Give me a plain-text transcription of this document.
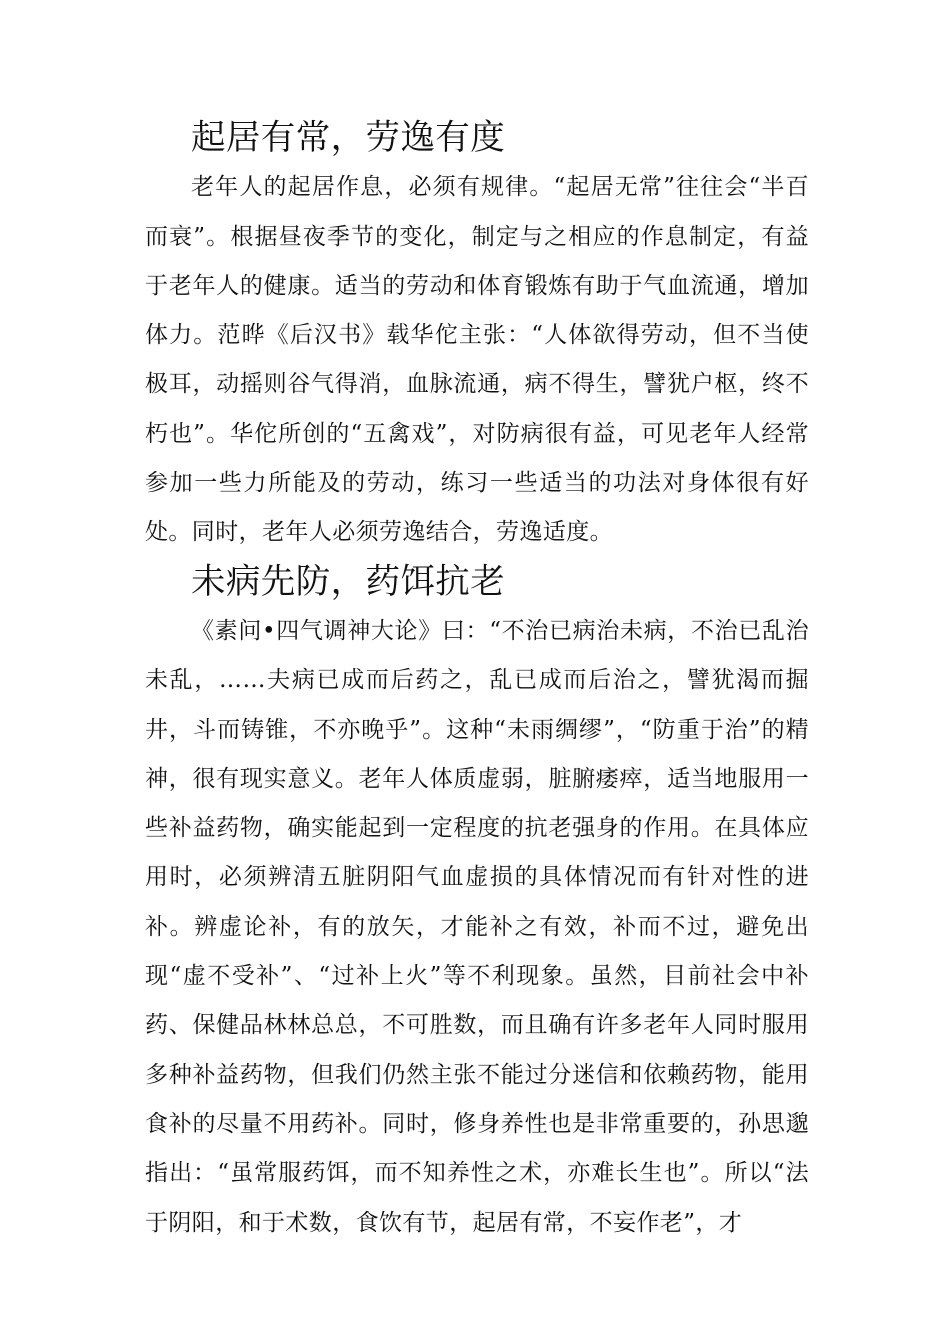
起居有常，劳逸有度

老年人的起居作息，必须有规律。“起居无常”往往会“半百而衰”。根据昼夜季节的变化，制定与之相应的作息制定，有益于老年人的健康。适当的劳动和体育锻炼有助于气血流通，增加体力。范晔《后汉书》载华佗主张：“人体欲得劳动，但不当使极耳，动摇则谷气得消，血脉流通，病不得生，譬犹户枢，终不朽也”。华佗所创的“五禽戏”，对防病很有益，可见老年人经常参加一些力所能及的劳动，练习一些适当的功法对身体很有好处。同时，老年人必须劳逸结合，劳逸适度。

未病先防，药饵抗老

《素问•四气调神大论》曰：“不治已病治未病，不治已乱治未乱，……夫病已成而后药之，乱已成而后治之，譬犹渴而掘井，斗而铸锥，不亦晚乎”。这种“未雨绸缪”，“防重于治”的精神，很有现实意义。老年人体质虚弱，脏腑痿瘁，适当地服用一些补益药物，确实能起到一定程度的抗老强身的作用。在具体应用时，必须辨清五脏阴阳气血虚损的具体情况而有针对性的进补。辨虚论补，有的放矢，才能补之有效，补而不过，避免出现“虚不受补”、“过补上火”等不利现象。虽然，目前社会中补药、保健品林林总总，不可胜数，而且确有许多老年人同时服用多种补益药物，但我们仍然主张不能过分迷信和依赖药物，能用食补的尽量不用药补。同时，修身养性也是非常重要的，孙思邈指出：“虽常服药饵，而不知养性之术，亦难长生也”。所以“法于阴阳，和于术数，食饮有节，起居有常，不妄作老”，才
